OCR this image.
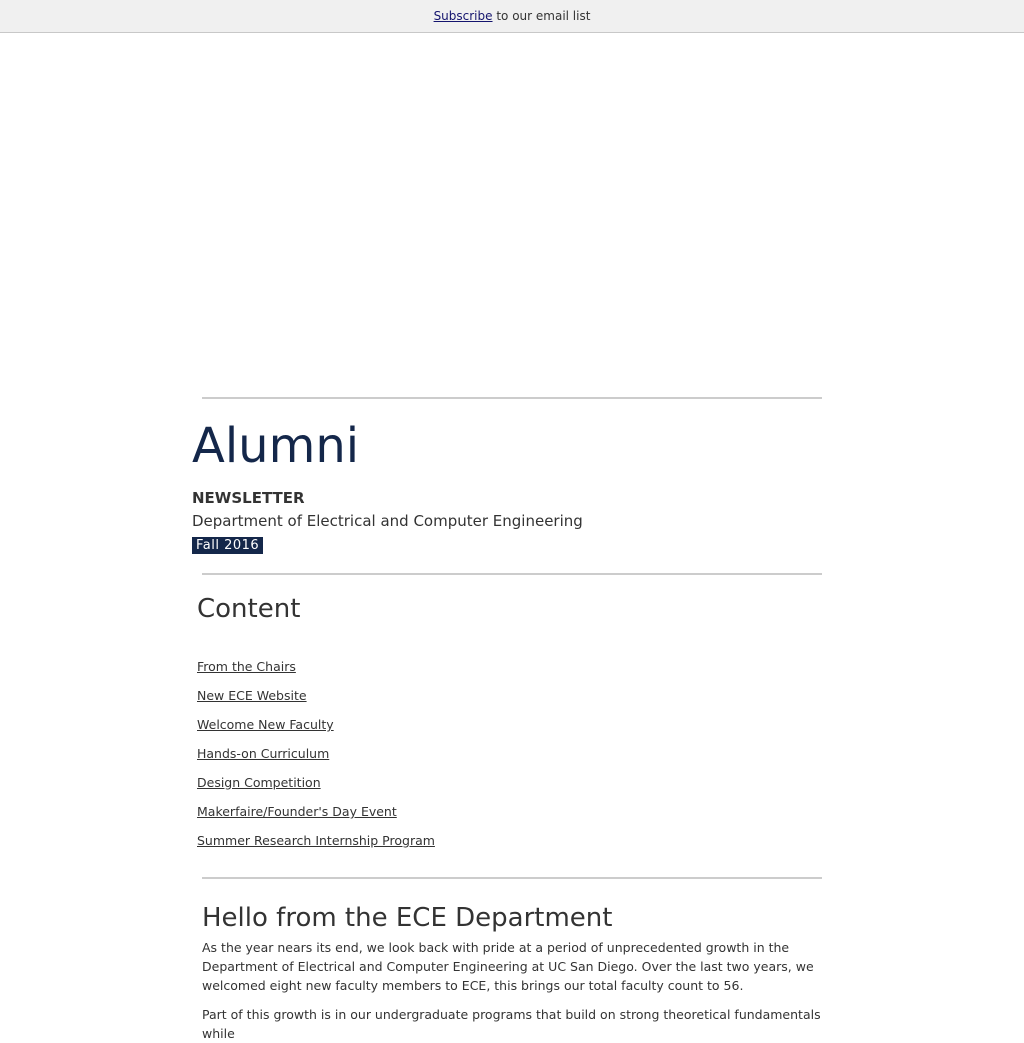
Subscribe to our email list
Alumni
NEWSLETTER
Department of Electrical and Computer Engineering
Fall 2016
Content
From the Chairs
New ECE Website
Welcome New Faculty
Hands-on Curriculum
Design Competition
Makerfaire/Founder's Day Event
Summer Research Internship Program
Hello from the ECE Department

As the year nears its end, we look back with pride at a period of unprecedented growth in the Department of Electrical and Computer Engineering at UC San Diego. Over the last two years, we welcomed eight new faculty members to ECE, this brings our total faculty count to 56.

Part of this growth is in our undergraduate programs that build on strong theoretical fundamentals while
